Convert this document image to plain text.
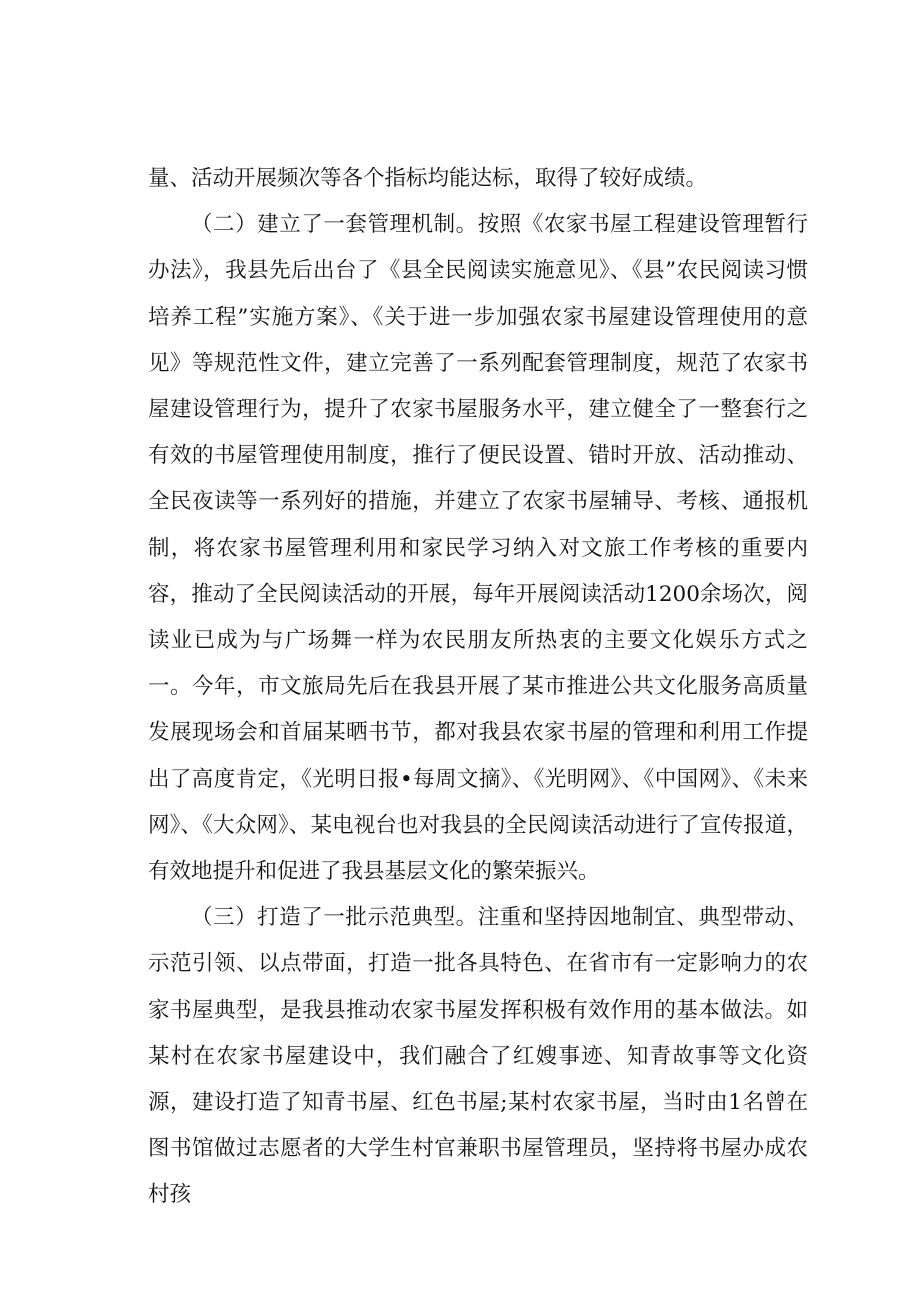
量、活动开展频次等各个指标均能达标，取得了较好成绩。

（二）建立了一套管理机制。按照《农家书屋工程建设管理暂行办法》，我县先后出台了《县全民阅读实施意见》、《县”农民阅读习惯培养工程”实施方案》、《关于进一步加强农家书屋建设管理使用的意见》等规范性文件，建立完善了一系列配套管理制度，规范了农家书屋建设管理行为，提升了农家书屋服务水平，建立健全了一整套行之有效的书屋管理使用制度，推行了便民设置、错时开放、活动推动、全民夜读等一系列好的措施，并建立了农家书屋辅导、考核、通报机制，将农家书屋管理利用和家民学习纳入对文旅工作考核的重要内容，推动了全民阅读活动的开展，每年开展阅读活动1200余场次，阅读业已成为与广场舞一样为农民朋友所热衷的主要文化娱乐方式之一。今年，市文旅局先后在我县开展了某市推进公共文化服务高质量发展现场会和首届某晒书节，都对我县农家书屋的管理和利用工作提出了高度肯定，《光明日报•每周文摘》、《光明网》、《中国网》、《未来网》、《大众网》、某电视台也对我县的全民阅读活动进行了宣传报道，有效地提升和促进了我县基层文化的繁荣振兴。

（三）打造了一批示范典型。注重和坚持因地制宜、典型带动、示范引领、以点带面，打造一批各具特色、在省市有一定影响力的农家书屋典型，是我县推动农家书屋发挥积极有效作用的基本做法。如某村在农家书屋建设中，我们融合了红嫂事迹、知青故事等文化资源，建设打造了知青书屋、红色书屋;某村农家书屋，当时由1名曾在图书馆做过志愿者的大学生村官兼职书屋管理员，坚持将书屋办成农村孩
